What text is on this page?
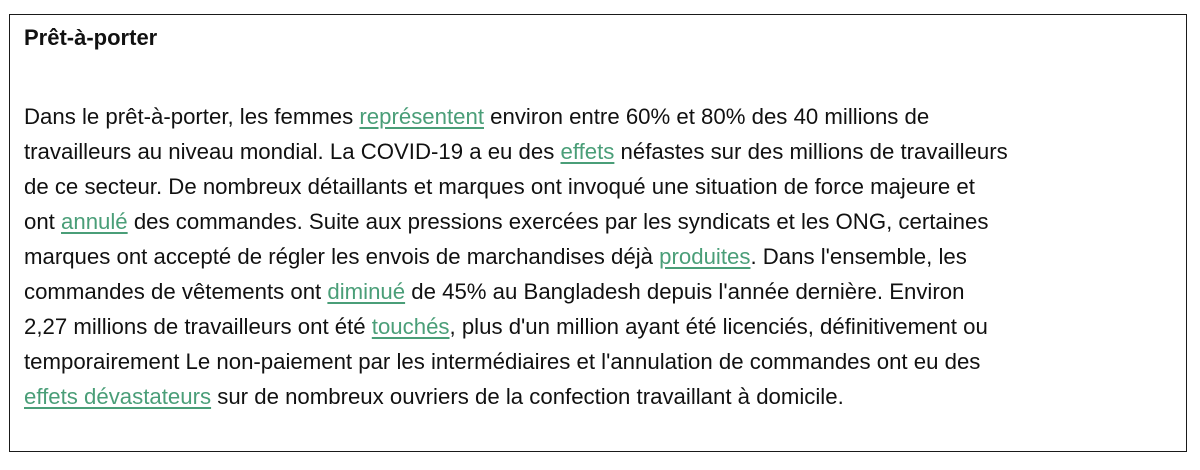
Prêt-à-porter

Dans le prêt-à-porter, les femmes représentent environ entre 60% et 80% des 40 millions de
travailleurs au niveau mondial. La COVID-19 a eu des effets néfastes sur des millions de travailleurs
de ce secteur. De nombreux détaillants et marques ont invoqué une situation de force majeure et
ont annulé des commandes. Suite aux pressions exercées par les syndicats et les ONG, certaines
marques ont accepté de régler les envois de marchandises déjà produites. Dans l'ensemble, les
commandes de vêtements ont diminué de 45% au Bangladesh depuis l'année dernière. Environ
2,27 millions de travailleurs ont été touchés, plus d'un million ayant été licenciés, définitivement ou
temporairement Le non-paiement par les intermédiaires et l'annulation de commandes ont eu des
effets dévastateurs sur de nombreux ouvriers de la confection travaillant à domicile.
